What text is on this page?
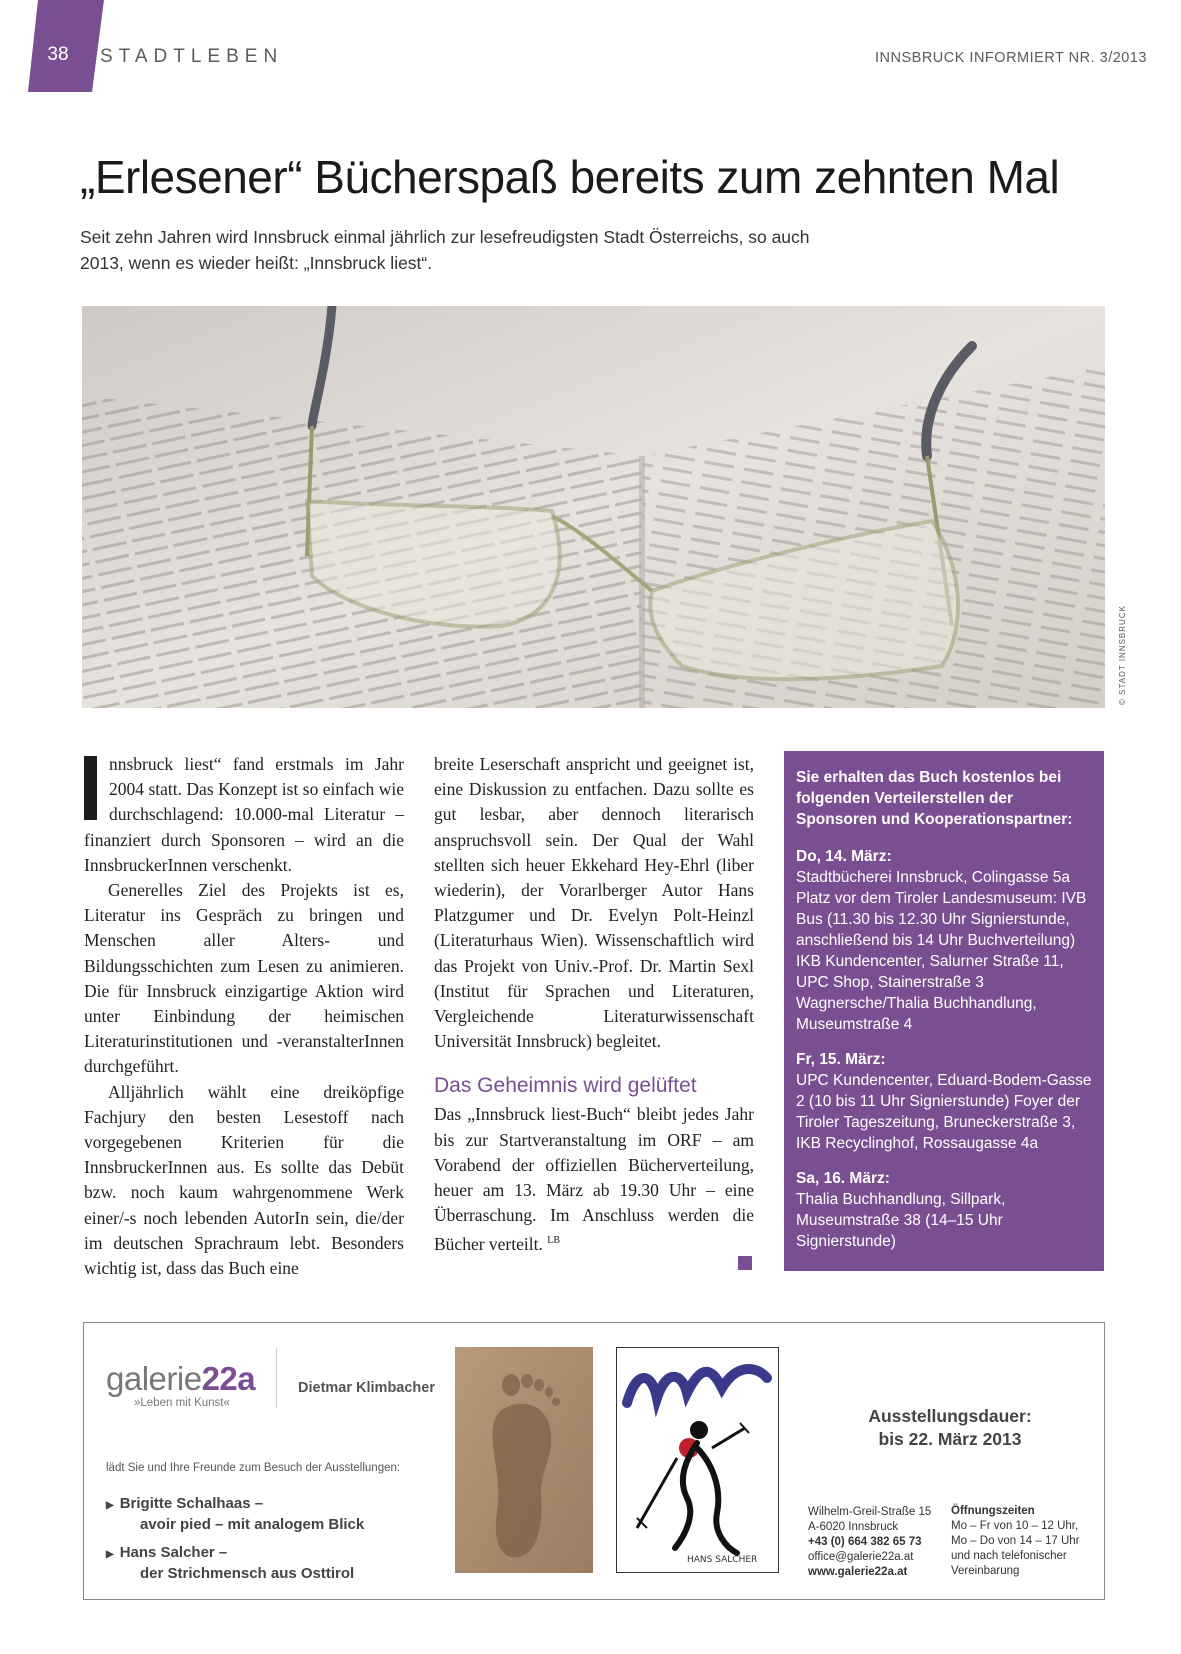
38	STADTLEBEN	INNSBRUCK INFORMIERT NR. 3/2013
„Erlesener“ Bücherspaß bereits zum zehnten Mal
Seit zehn Jahren wird Innsbruck einmal jährlich zur lesefreudigsten Stadt Österreichs, so auch 2013, wenn es wieder heißt: „Innsbruck liest“.
© STADT INNSBRUCK

nnsbruck liest“ fand erstmals im Jahr 2004 statt. Das Konzept ist so einfach wie durchschlagend: 10.000-mal Literatur – finanziert durch Sponsoren – wird an die InnsbruckerInnen verschenkt.

Generelles Ziel des Projekts ist es, Literatur ins Gespräch zu bringen und Menschen aller Alters- und Bildungsschichten zum Lesen zu animieren. Die für Innsbruck einzigartige Aktion wird unter Einbindung der heimischen Literaturinstitutionen und -veranstalterInnen durchgeführt.

Alljährlich wählt eine dreiköpfige Fachjury den besten Lesestoff nach vorgegebenen Kriterien für die InnsbruckerInnen aus. Es sollte das Debüt bzw. noch kaum wahrgenommene Werk einer/-s noch lebenden AutorIn sein, die/der im deutschen Sprachraum lebt. Besonders wichtig ist, dass das Buch eine

breite Leserschaft anspricht und geeignet ist, eine Diskussion zu entfachen. Dazu sollte es gut lesbar, aber dennoch literarisch anspruchsvoll sein. Der Qual der Wahl stellten sich heuer Ekkehard Hey-Ehrl (liber wiederin), der Vorarlberger Autor Hans Platzgumer und Dr. Evelyn Polt-Heinzl (Literaturhaus Wien). Wissenschaftlich wird das Projekt von Univ.-Prof. Dr. Martin Sexl (Institut für Sprachen und Literaturen, Vergleichende Literaturwissenschaft Universität Innsbruck) begleitet.

Das Geheimnis wird gelüftet

Das „Innsbruck liest-Buch“ bleibt jedes Jahr bis zur Startveranstaltung im ORF – am Vorabend der offiziellen Bücherverteilung, heuer am 13. März ab 19.30 Uhr – eine Überraschung. Im Anschluss werden die Bücher verteilt. $^{LB}$

Sie erhalten das Buch kostenlos bei folgenden Verteilerstellen der Sponsoren und Kooperationspartner:
Do, 14. März:
Stadtbücherei Innsbruck, Colingasse 5a Platz vor dem Tiroler Landesmuseum: IVB Bus (11.30 bis 12.30 Uhr Signierstunde, anschließend bis 14 Uhr Buchverteilung) IKB Kundencenter, Salurner Straße 11, UPC Shop, Stainerstraße 3 Wagnersche/Thalia Buchhandlung, Museumstraße 4
Fr, 15. März:
UPC Kundencenter, Eduard-Bodem-Gasse 2 (10 bis 11 Uhr Signierstunde) Foyer der Tiroler Tageszeitung, Bruneckerstraße 3, IKB Recyclinghof, Rossaugasse 4a
Sa, 16. März:
Thalia Buchhandlung, Sillpark, Museumstraße 38 (14–15 Uhr Signierstunde)
galerie22a
»Leben mit Kunst«
Dietmar Klimbacher
lädt Sie und Ihre Freunde zum Besuch der Ausstellungen:
▶ Brigitte Schalhaas –
avoir pied – mit analogem Blick
▶ Hans Salcher –
der Strichmensch aus Osttirol
HANS SALCHER
Ausstellungsdauer:
bis 22. März 2013
Wilhelm-Greil-Straße 15
A-6020 Innsbruck
+43 (0) 664 382 65 73
office@galerie22a.at
www.galerie22a.at
Öffnungszeiten
Mo – Fr von 10 – 12 Uhr,
Mo – Do von 14 – 17 Uhr
und nach telefonischer
Vereinbarung
